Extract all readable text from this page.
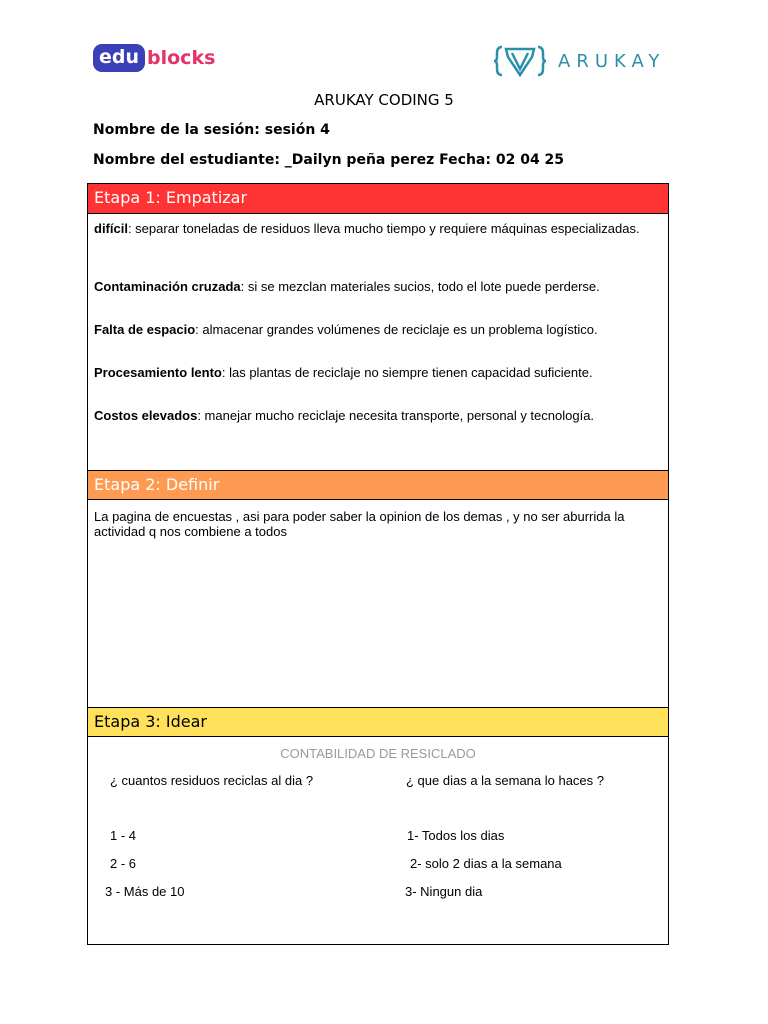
edu blocks	ARUKAY
ARUKAY CODING 5
Nombre de la sesión: sesión 4
Nombre del estudiante: _Dailyn peña perez Fecha: 02 04 25
Etapa 1: Empatizar
difícil: separar toneladas de residuos lleva mucho tiempo y requiere máquinas especializadas.
Contaminación cruzada: si se mezclan materiales sucios, todo el lote puede perderse.
Falta de espacio: almacenar grandes volúmenes de reciclaje es un problema logístico.
Procesamiento lento: las plantas de reciclaje no siempre tienen capacidad suficiente.
Costos elevados: manejar mucho reciclaje necesita transporte, personal y tecnología.
Etapa 2: Definir
La pagina de encuestas , asi para poder saber la opinion de los demas , y no ser aburrida la actividad q nos combiene a todos
Etapa 3: Idear
CONTABILIDAD DE RESICLADO
¿ cuantos residuos reciclas al dia ?	¿ que dias a la semana lo haces ?
1 - 4
2 - 6
3 - Más de 10
1- Todos los dias
2- solo 2 dias a la semana
3- Ningun dia
